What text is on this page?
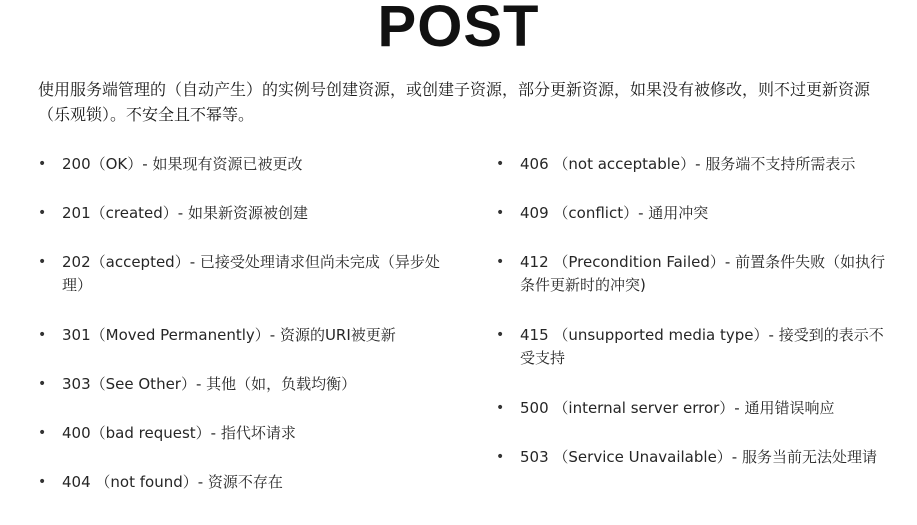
POST
使用服务端管理的（自动产生）的实例号创建资源，或创建子资源，部分更新资源，如果没有被修改，则不过更新资源（乐观锁）。不安全且不幂等。
•	200（OK）- 如果现有资源已被更改
•	201（created）- 如果新资源被创建
•	202（accepted）- 已接受处理请求但尚未完成（异步处理）
•	301（Moved Permanently）- 资源的URI被更新
•	303（See Other）- 其他（如，负载均衡）
•	400（bad request）- 指代坏请求
•	404 （not found）- 资源不存在
•	406 （not acceptable）- 服务端不支持所需表示
•	409 （conflict）- 通用冲突
•	412 （Precondition Failed）- 前置条件失败（如执行条件更新时的冲突)
•	415 （unsupported media type）- 接受到的表示不受支持
•	500 （internal server error）- 通用错误响应
•	503 （Service Unavailable）- 服务当前无法处理请
